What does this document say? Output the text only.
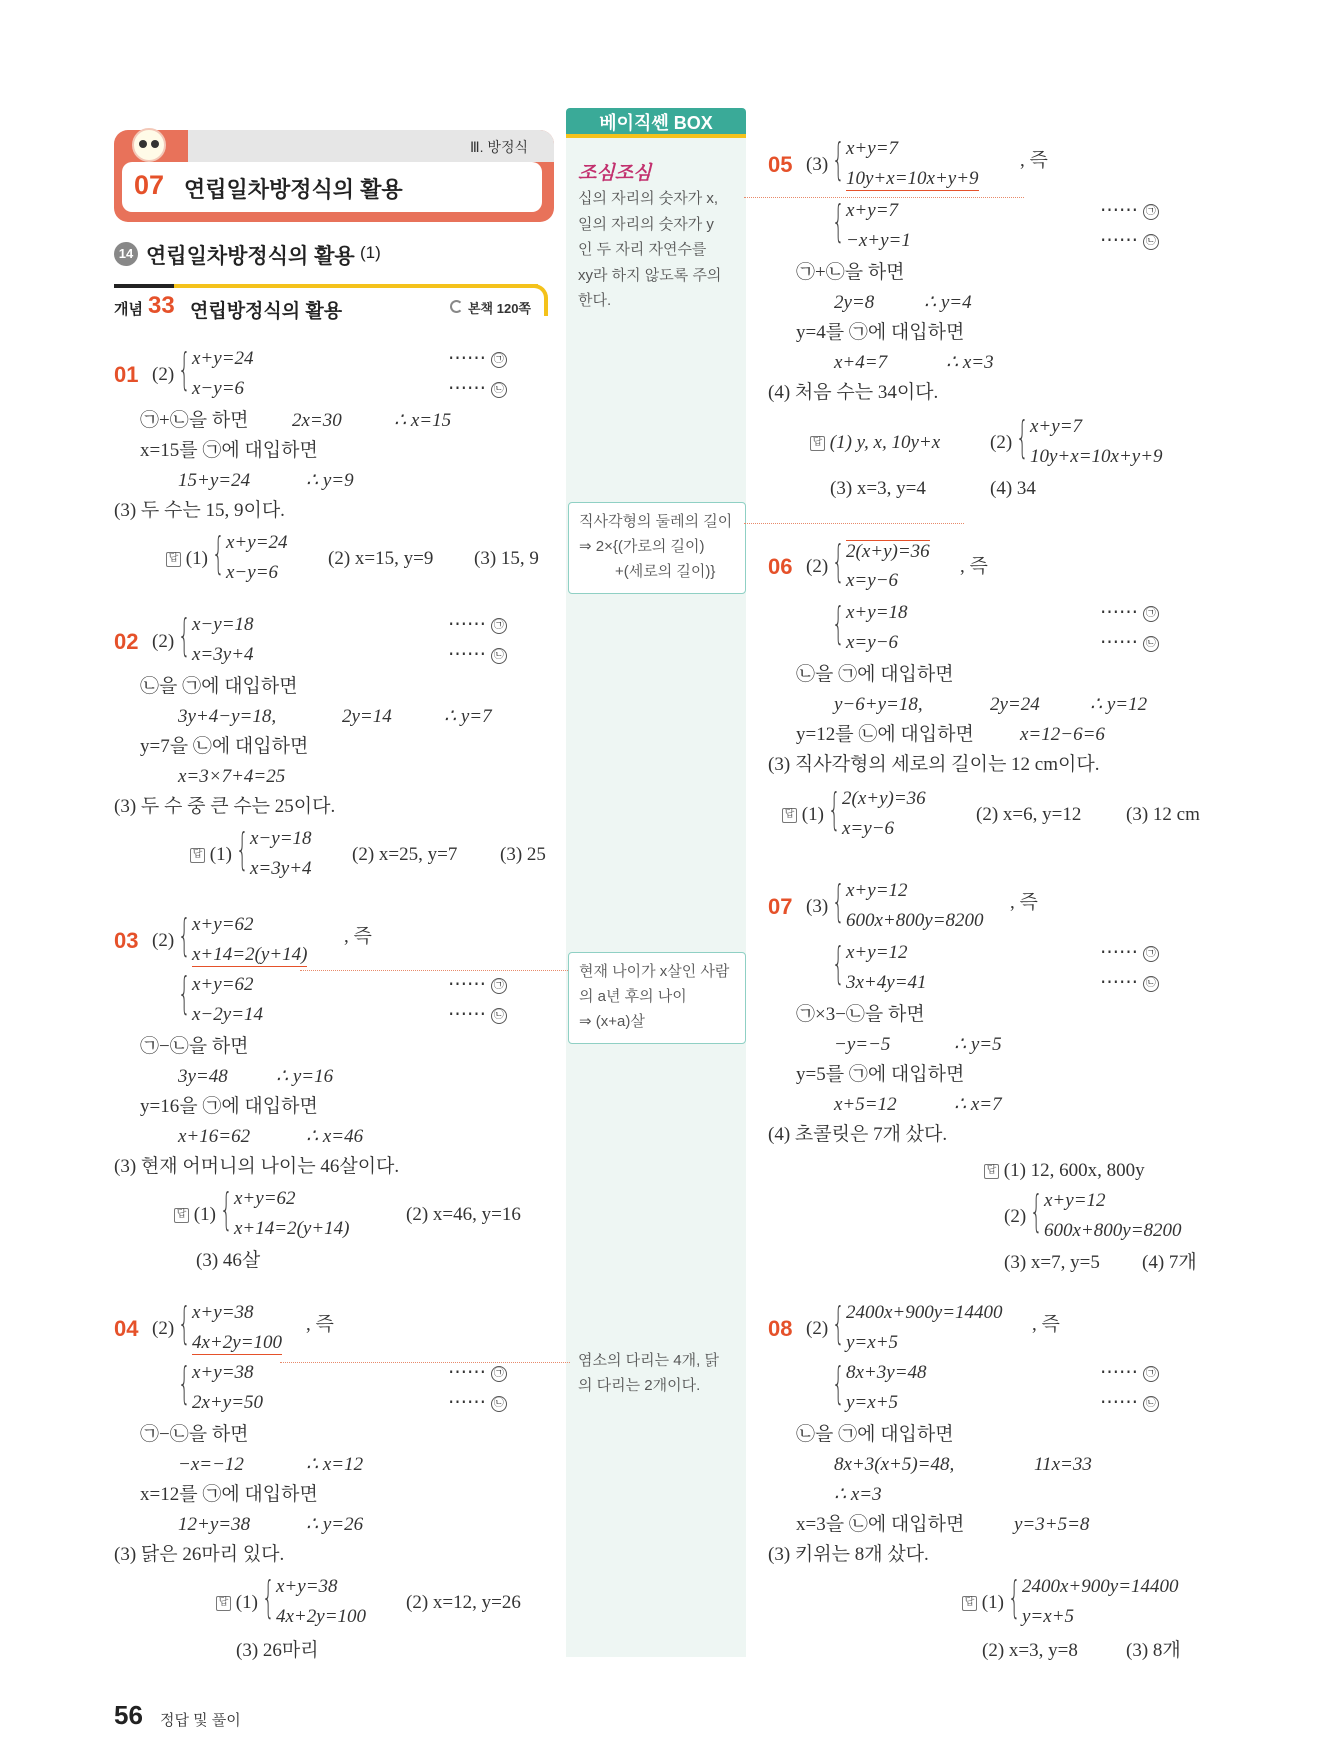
Ⅲ. 방정식
07 연립일차방정식의 활용
14 연립일차방정식의 활용 (1)
개념 33 연립방정식의 활용	본책 120쪽
베이직쎈 BOX
조심조심
십의 자리의 숫자가 x,
일의 자리의 숫자가 y
인 두 자리 자연수를
xy라 하지 않도록 주의
한다.
직사각형의 둘레의 길이
⇒ 2×{(가로의 길이)
+(세로의 길이)}
현재 나이가 x살인 사람
의 a년 후의 나이
⇒ (x+a)살
염소의 다리는 4개, 닭
의 다리는 2개이다.
01 (2) { x+y=24
x−y=6
⋯⋯ ㉠
⋯⋯ ㉡
㉠+㉡을 하면 2x=30	∴ x=15
x=15를 ㉠에 대입하면
15+y=24	∴ y=9
(3) 두 수는 15, 9이다.
답 (1) { x+y=24
x−y=6
(2) x=15, y=9 (3) 15, 9
02 (2) { x−y=18
x=3y+4
⋯⋯ ㉠
⋯⋯ ㉡
㉡을 ㉠에 대입하면
3y+4−y=18,	2y=14	∴ y=7
y=7을 ㉡에 대입하면
x=3×7+4=25
(3) 두 수 중 큰 수는 25이다.
답 (1) { x−y=18
x=3y+4
(2) x=25, y=7 (3) 25
03 (2) { x+y=62
x+14=2(y+14)
, 즉
{ x+y=62
x−2y=14
⋯⋯ ㉠
⋯⋯ ㉡
㉠−㉡을 하면
3y=48	∴ y=16
y=16을 ㉠에 대입하면
x+16=62	∴ x=46
(3) 현재 어머니의 나이는 46살이다.
답 (1) { x+y=62
x+14=2(y+14)
(2) x=46, y=16
(3) 46살
04 (2) { x+y=38
4x+2y=100
, 즉
{ x+y=38
2x+y=50
⋯⋯ ㉠
⋯⋯ ㉡
㉠−㉡을 하면
−x=−12	∴ x=12
x=12를 ㉠에 대입하면
12+y=38	∴ y=26
(3) 닭은 26마리 있다.
답 (1) { x+y=38
4x+2y=100
(2) x=12, y=26
(3) 26마리
05 (3) { x+y=7
10y+x=10x+y+9
, 즉
{ x+y=7
−x+y=1
⋯⋯ ㉠
⋯⋯ ㉡
㉠+㉡을 하면
2y=8	∴ y=4
y=4를 ㉠에 대입하면
x+4=7	∴ x=3
(4) 처음 수는 34이다.
답 (1) y, x, 10y+x	(2) { x+y=7
10y+x=10x+y+9
(3) x=3, y=4	(4) 34
06 (2) { 2(x+y)=36
x=y−6
, 즉
{ x+y=18
x=y−6
⋯⋯ ㉠
⋯⋯ ㉡
㉡을 ㉠에 대입하면
y−6+y=18,	2y=24	∴ y=12
y=12를 ㉡에 대입하면 x=12−6=6
(3) 직사각형의 세로의 길이는 12 cm이다.
답 (1) { 2(x+y)=36
x=y−6
(2) x=6, y=12 (3) 12 cm
07 (3) { x+y=12
600x+800y=8200
, 즉
{ x+y=12
3x+4y=41
⋯⋯ ㉠
⋯⋯ ㉡
㉠×3−㉡을 하면
−y=−5	∴ y=5
y=5를 ㉠에 대입하면
x+5=12	∴ x=7
(4) 초콜릿은 7개 샀다.
답 (1) 12, 600x, 800y
(2) { x+y=12
600x+800y=8200
(3) x=7, y=5 (4) 7개
08 (2) { 2400x+900y=14400
y=x+5
, 즉
{ 8x+3y=48
y=x+5
⋯⋯ ㉠
⋯⋯ ㉡
㉡을 ㉠에 대입하면
8x+3(x+5)=48,	11x=33
∴ x=3
x=3을 ㉡에 대입하면	y=3+5=8
(3) 키위는 8개 샀다.
답 (1) { 2400x+900y=14400
y=x+5
(2) x=3, y=8	(3) 8개
56 정답 및 풀이
